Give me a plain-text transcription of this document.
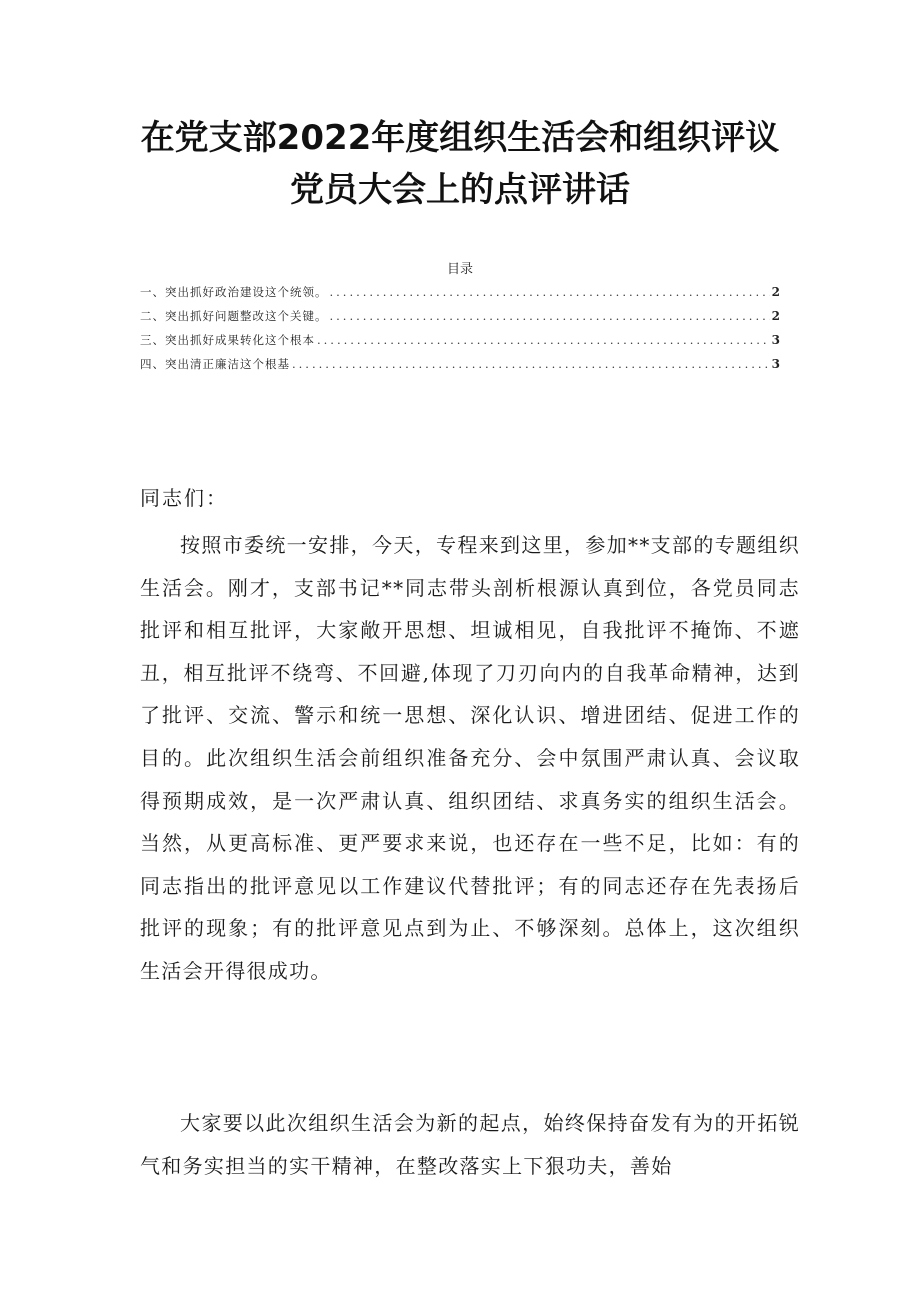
在党支部2022年度组织生活会和组织评议
党员大会上的点评讲话
目录
一、突出抓好政治建设这个统领。 .....	2
二、突出抓好问题整改这个关键。 .....	2
三、突出抓好成果转化这个根本 .....	3
四、突出清正廉洁这个根基 .....	3
同志们：

按照市委统一安排，今天，专程来到这里，参加**支部的专题组织生活会。刚才，支部书记**同志带头剖析根源认真到位，各党员同志批评和相互批评，大家敞开思想、坦诚相见，自我批评不掩饰、不遮丑，相互批评不绕弯、不回避,体现了刀刃向内的自我革命精神，达到了批评、交流、警示和统一思想、深化认识、增进团结、促进工作的目的。此次组织生活会前组织准备充分、会中氛围严肃认真、会议取得预期成效，是一次严肃认真、组织团结、求真务实的组织生活会。当然，从更高标准、更严要求来说，也还存在一些不足，比如：有的同志指出的批评意见以工作建议代替批评；有的同志还存在先表扬后批评的现象；有的批评意见点到为止、不够深刻。总体上，这次组织生活会开得很成功。

大家要以此次组织生活会为新的起点，始终保持奋发有为的开拓锐气和务实担当的实干精神，在整改落实上下狠功夫，善始
